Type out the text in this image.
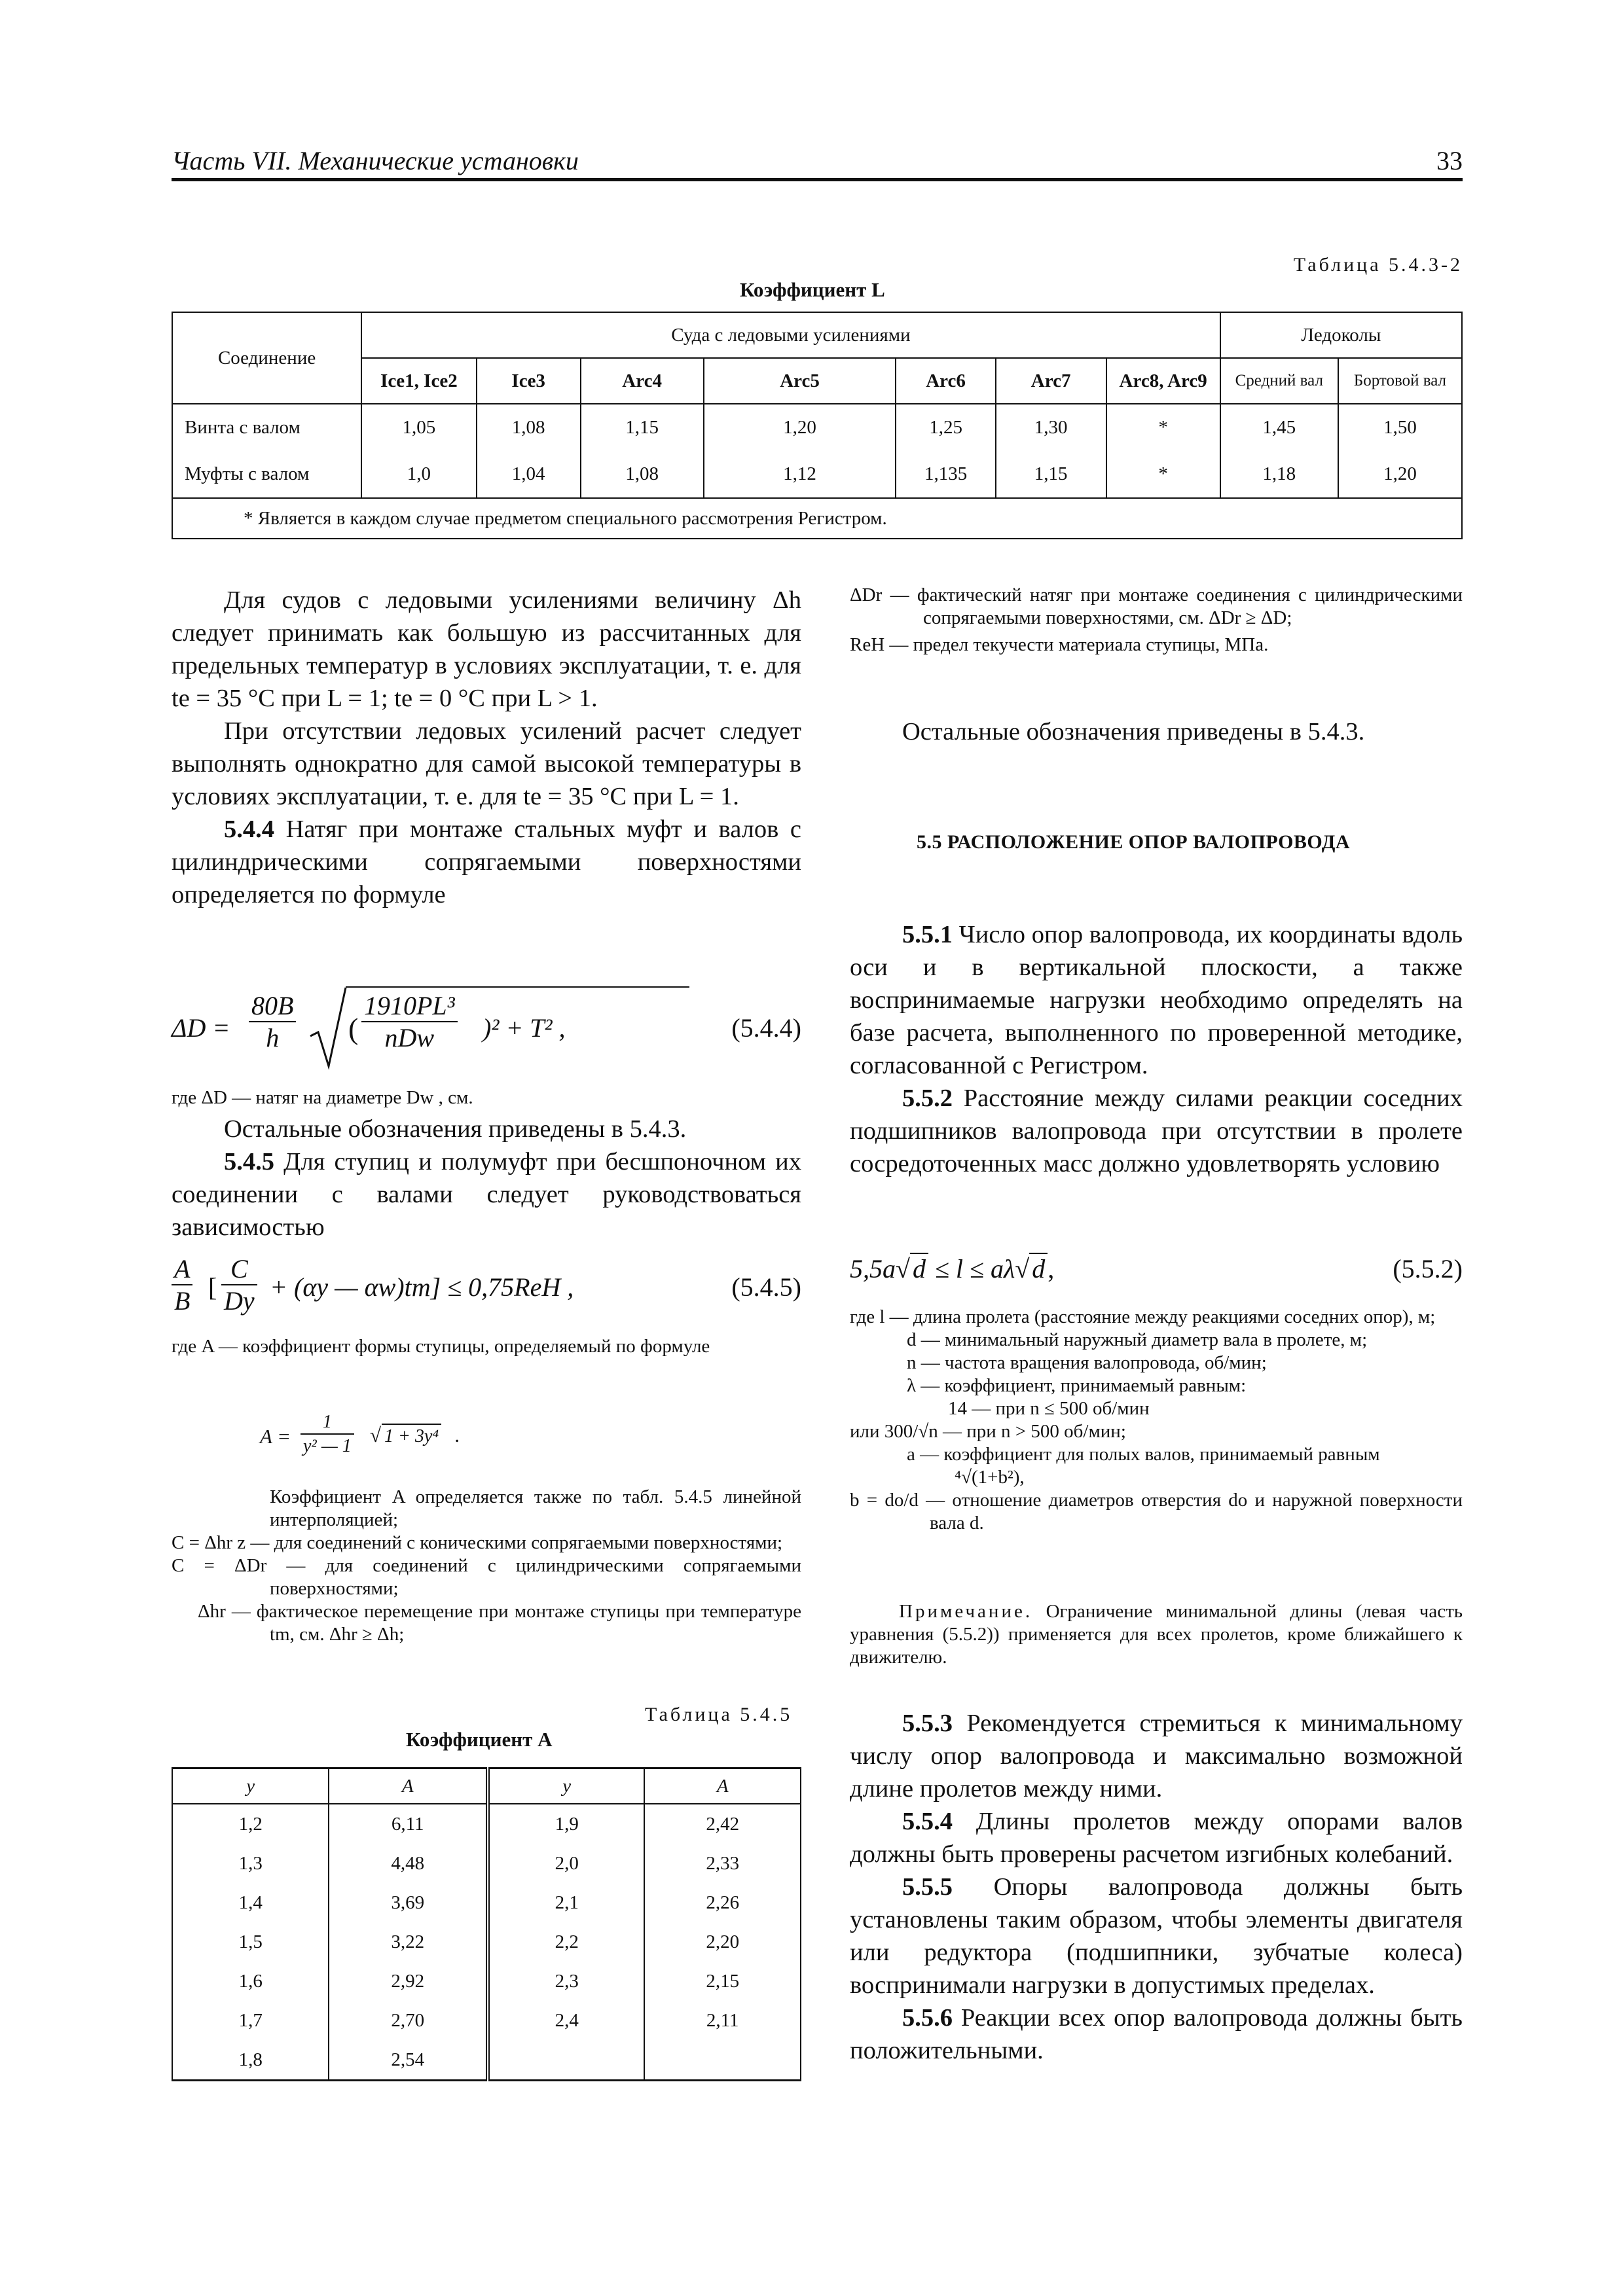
Часть VII. Механические установки	33
Таблица 5.4.3-2
Коэффициент L
Соединение	Суда с ледовыми усилениями							Ледоколы	
	Ice1, Ice2	Ice3	Arc4	Arc5	Arc6	Arc7	Arc8, Arc9	Средний вал	Бортовой вал
Винта с валом	1,05	1,08	1,15	1,20	1,25	1,30	*	1,45	1,50
Муфты с валом	1,0	1,04	1,08	1,12	1,135	1,15	*	1,18	1,20
* Является в каждом случае предметом специального рассмотрения Регистром.									

Для судов с ледовыми усилениями величину Δh следует принимать как большую из рассчитанных для предельных температур в условиях эксплуатации, т. е. для te = 35 °C при L = 1; te = 0 °C при L > 1.

При отсутствии ледовых усилений расчет следует выполнять однократно для самой высокой температуры в условиях эксплуатации, т. е. для te = 35 °C при L = 1.

5.4.4 Натяг при монтаже стальных муфт и валов с цилиндрическими сопрягаемыми поверхностями определяется по формуле

$\Delta D = \frac{80B}{h}$ (
1910PL³
nDw	)² + T² ,	(5.4.4)
где ΔD — натяг на диаметре Dw , см.

Остальные обозначения приведены в 5.4.3.

5.4.5 Для ступиц и полумуфт при бесшпоночном их соединении с валами следует руководствоваться зависимостью

$\frac{A}{B}$ [ $\frac{C}{Dy} + (\alpha y$ — αw)tm] ≤ 0,75ReH ,	(5.4.5)
где A — коэффициент формы ступицы, определяемый по формуле
$A = \frac{1}{\text{y² — 1}}$ √ 1 + 3y⁴ .
Коэффициент A определяется также по табл. 5.4.5 линейной интерполяцией;
C = Δhr z — для соединений с коническими сопрягаемыми поверхностями;
C = ΔDr — для соединений с цилиндрическими сопрягаемыми поверхностями;
Δhr — фактическое перемещение при монтаже ступицы при температуре tm, см. Δhr ≥ Δh;
Таблица 5.4.5
Коэффициент A
y	A	y	A
1,2	6,11	1,9	2,42
1,3	4,48	2,0	2,33
1,4	3,69	2,1	2,26
1,5	3,22	2,2	2,20
1,6	2,92	2,3	2,15
1,7	2,70	2,4	2,11
1,8	2,54		
ΔDr — фактический натяг при монтаже соединения с цилиндрическими сопрягаемыми поверхностями, см. ΔDr ≥ ΔD;
ReH — предел текучести материала ступицы, МПа.

Остальные обозначения приведены в 5.4.3.

5.5 РАСПОЛОЖЕНИЕ ОПОР ВАЛОПРОВОДА

5.5.1 Число опор валопровода, их координаты вдоль оси и в вертикальной плоскости, а также воспринимаемые нагрузки необходимо определять на базе расчета, выполненного по проверенной методике, согласованной с Регистром.

5.5.2 Расстояние между силами реакции соседних подшипников валопровода при отсутствии в пролете сосредоточенных масс должно удовлетворять условию

5,5a√ d ≤ l ≤ aλ√ d ,	(5.5.2)
где l — длина пролета (расстояние между реакциями соседних опор), м;
d — минимальный наружный диаметр вала в пролете, м;
n — частота вращения валопровода, об/мин;
λ — коэффициент, принимаемый равным:
14 — при n ≤ 500 об/мин
или 300/√n — при n > 500 об/мин;
a — коэффициент для полых валов, принимаемый равным
⁴√(1+b²),
b = do/d — отношение диаметров отверстия do и наружной поверхности вала d.
Примечание. Ограничение минимальной длины (левая часть уравнения (5.5.2)) применяется для всех пролетов, кроме ближайшего к движителю.

5.5.3 Рекомендуется стремиться к минимальному числу опор валопровода и максимально возможной длине пролетов между ними.

5.5.4 Длины пролетов между опорами валов должны быть проверены расчетом изгибных колебаний.

5.5.5 Опоры валопровода должны быть установлены таким образом, чтобы элементы двигателя или редуктора (подшипники, зубчатые колеса) воспринимали нагрузки в допустимых пределах.

5.5.6 Реакции всех опор валопровода должны быть положительными.
